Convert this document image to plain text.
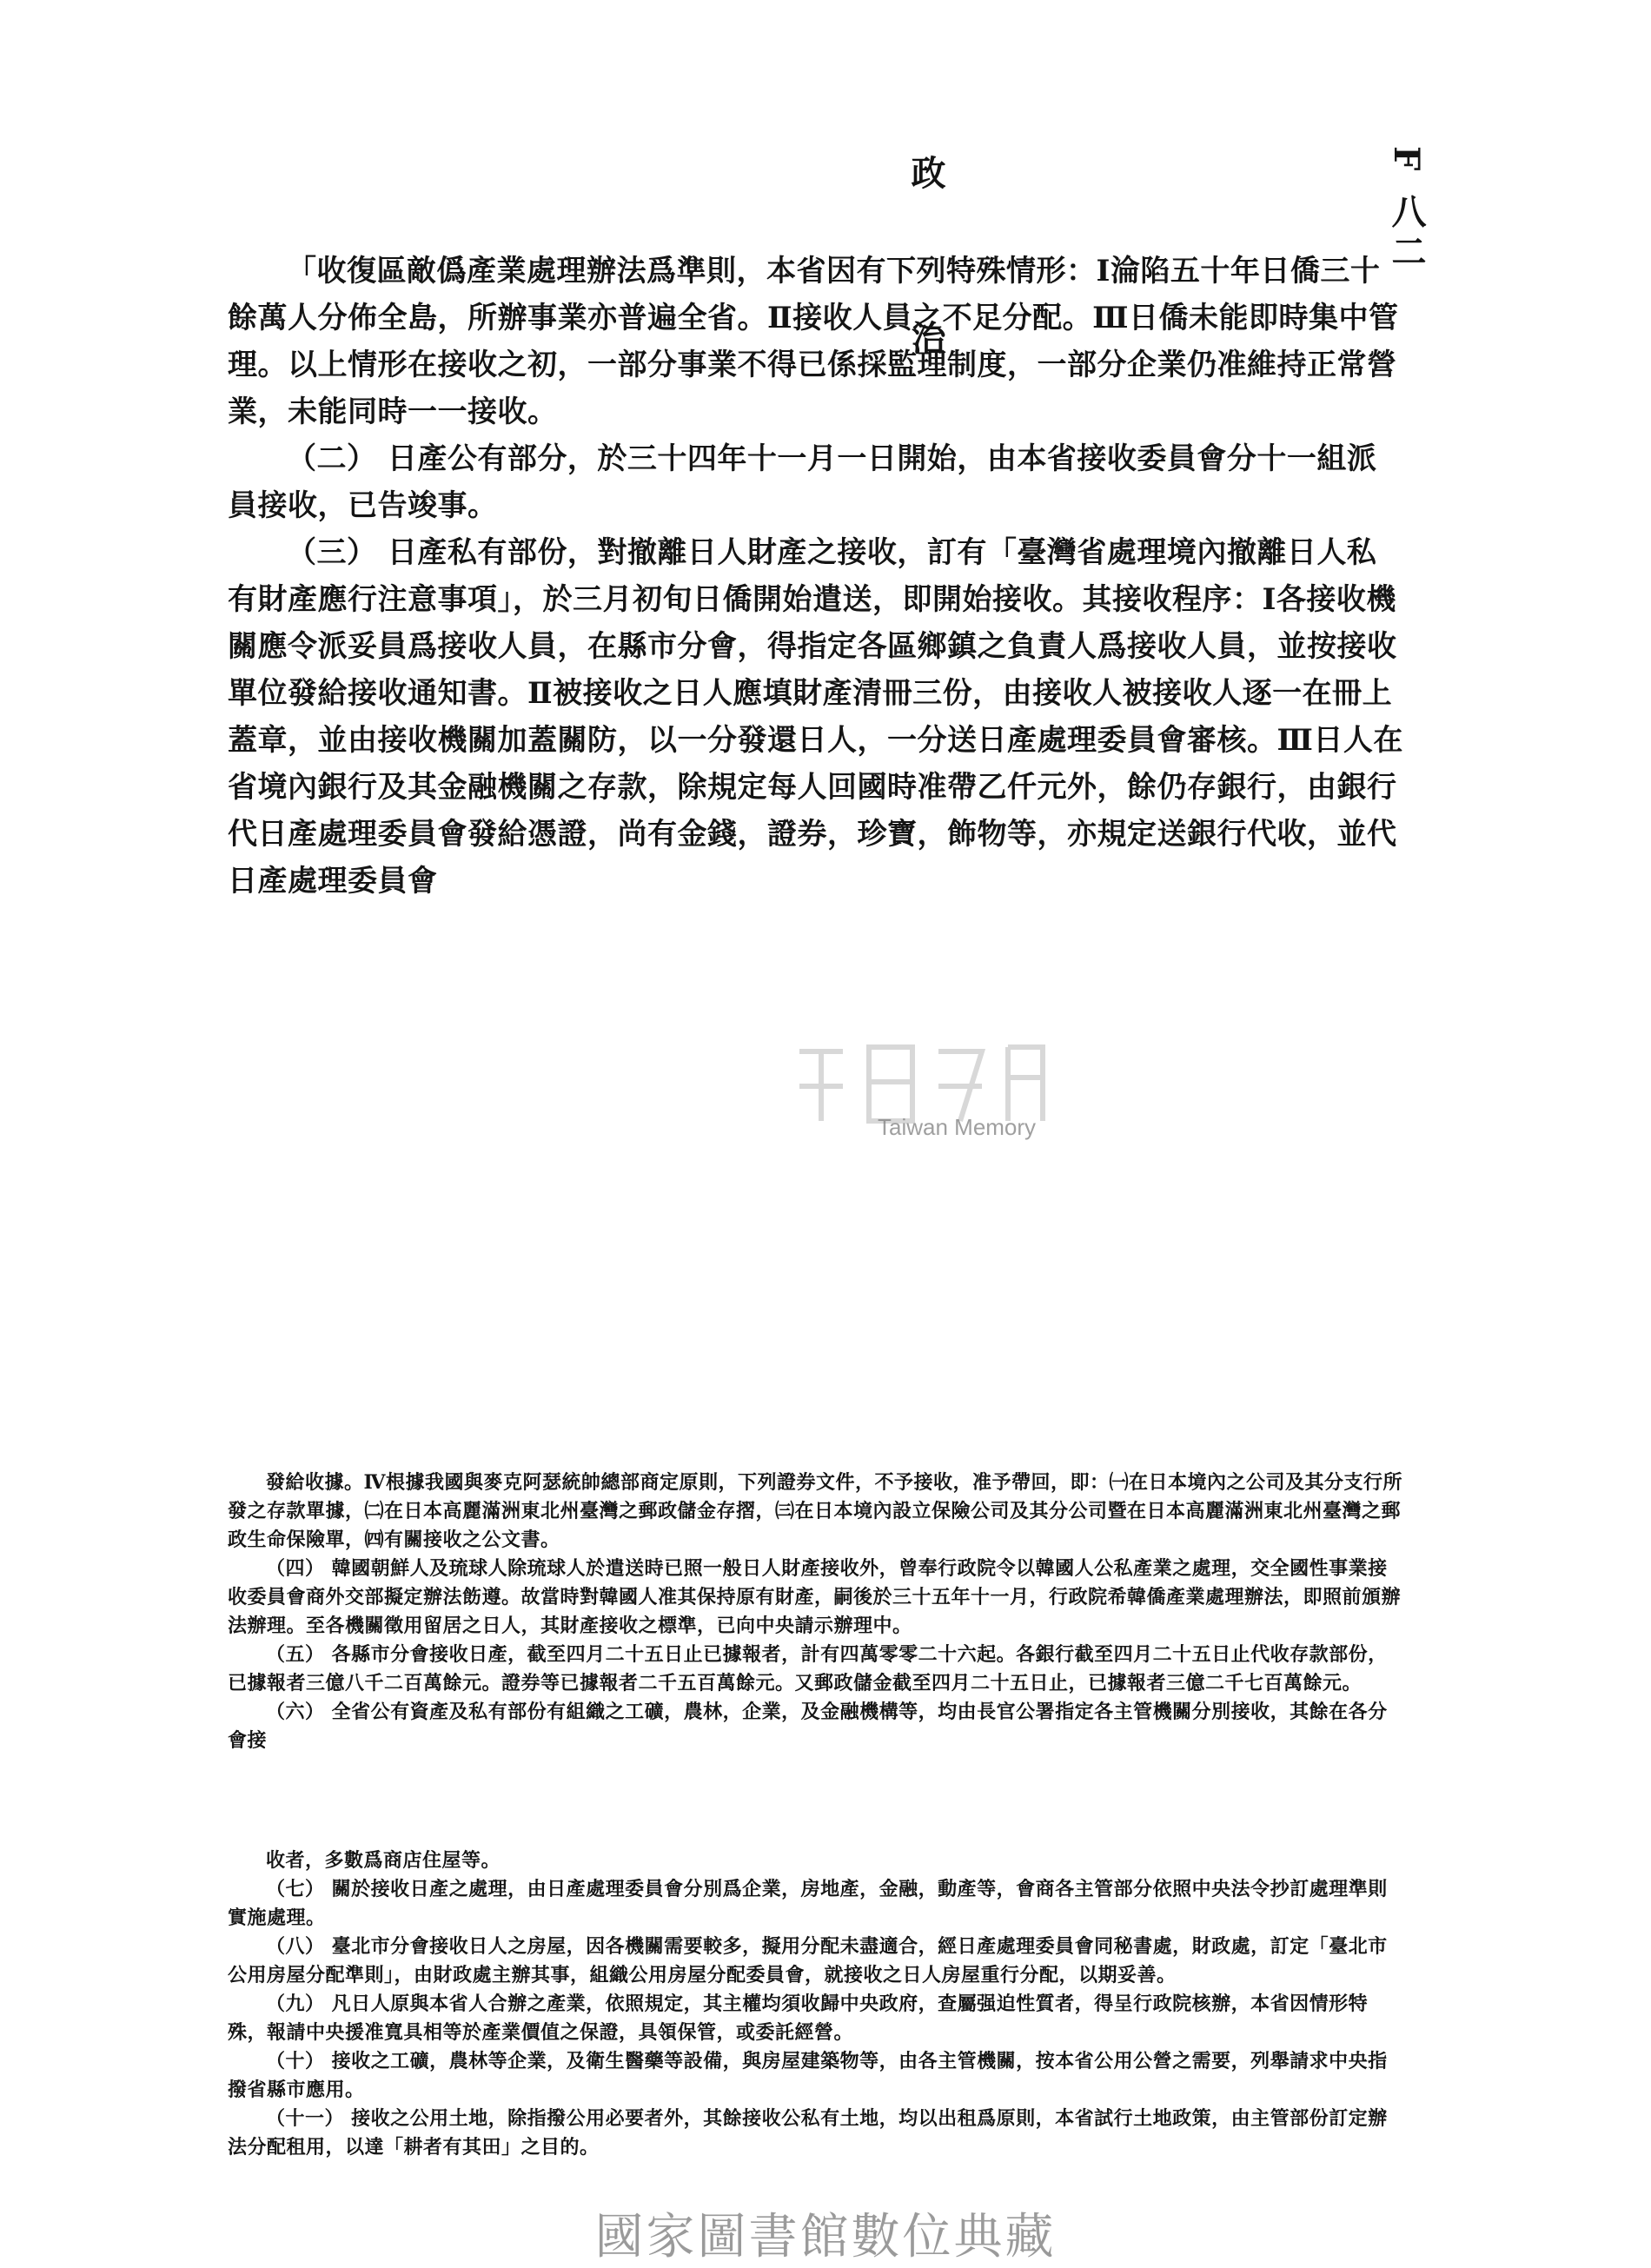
政治	F 八二

「收復區敵僞產業處理辦法爲準則，本省因有下列特殊情形：Ⅰ淪陷五十年日僑三十餘萬人分佈全島，所辦事業亦普遍全省。Ⅱ接收人員之不足分配。Ⅲ日僑未能即時集中管理。以上情形在接收之初，一部分事業不得已係採監理制度，一部分企業仍准維持正常營業，未能同時一一接收。

（二） 日產公有部分，於三十四年十一月一日開始，由本省接收委員會分十一組派員接收，已告竣事。

（三） 日產私有部份，對撤離日人財產之接收，訂有「臺灣省處理境內撤離日人私有財產應行注意事項」，於三月初旬日僑開始遣送，即開始接收。其接收程序：Ⅰ各接收機關應令派妥員爲接收人員，在縣市分會，得指定各區鄉鎮之負責人爲接收人員，並按接收單位發給接收通知書。Ⅱ被接收之日人應填財產清冊三份，由接收人被接收人逐一在冊上蓋章，並由接收機關加蓋關防，以一分發還日人，一分送日產處理委員會審核。Ⅲ日人在省境內銀行及其金融機關之存款，除規定每人回國時准帶乙仟元外，餘仍存銀行，由銀行代日產處理委員會發給憑證，尚有金錢，證券，珍寶，飾物等，亦規定送銀行代收，並代日產處理委員會

Taiwan Memory
國家圖書館數位典藏

發給收據。Ⅳ根據我國與麥克阿瑟統帥總部商定原則，下列證券文件，不予接收，准予帶回，即：㈠在日本境內之公司及其分支行所發之存款單據，㈡在日本高麗滿洲東北州臺灣之郵政儲金存摺，㈢在日本境內設立保險公司及其分公司暨在日本高麗滿洲東北州臺灣之郵政生命保險單，㈣有關接收之公文書。

（四） 韓國朝鮮人及琉球人除琉球人於遣送時已照一般日人財產接收外，曾奉行政院令以韓國人公私產業之處理，交全國性事業接收委員會商外交部擬定辦法飭遵。故當時對韓國人准其保持原有財產，嗣後於三十五年十一月，行政院希韓僑產業處理辦法，即照前頒辦法辦理。至各機關徵用留居之日人，其財產接收之標準，已向中央請示辦理中。

（五） 各縣市分會接收日產，截至四月二十五日止已據報者，計有四萬零零二十六起。各銀行截至四月二十五日止代收存款部份，已據報者三億八千二百萬餘元。證券等已據報者二千五百萬餘元。又郵政儲金截至四月二十五日止，已據報者三億二千七百萬餘元。

（六） 全省公有資產及私有部份有組織之工礦，農林，企業，及金融機構等，均由長官公署指定各主管機關分別接收，其餘在各分會接

收者，多數爲商店住屋等。

（七） 關於接收日產之處理，由日產處理委員會分別爲企業，房地產，金融，動產等，會商各主管部分依照中央法令抄訂處理準則實施處理。

（八） 臺北市分會接收日人之房屋，因各機關需要較多，擬用分配未盡適合，經日產處理委員會同秘書處，財政處，訂定「臺北市公用房屋分配準則」，由財政處主辦其事，組織公用房屋分配委員會，就接收之日人房屋重行分配，以期妥善。

（九） 凡日人原與本省人合辦之產業，依照規定，其主權均須收歸中央政府，查屬强迫性質者，得呈行政院核辦，本省因情形特殊，報請中央援准寬具相等於產業價值之保證，具領保管，或委託經營。

（十） 接收之工礦，農林等企業，及衛生醫藥等設備，與房屋建築物等，由各主管機關，按本省公用公營之需要，列舉請求中央指撥省縣市應用。

（十一） 接收之公用土地，除指撥公用必要者外，其餘接收公私有土地，均以出租爲原則，本省試行土地政策，由主管部份訂定辦法分配租用，以達「耕者有其田」之目的。
